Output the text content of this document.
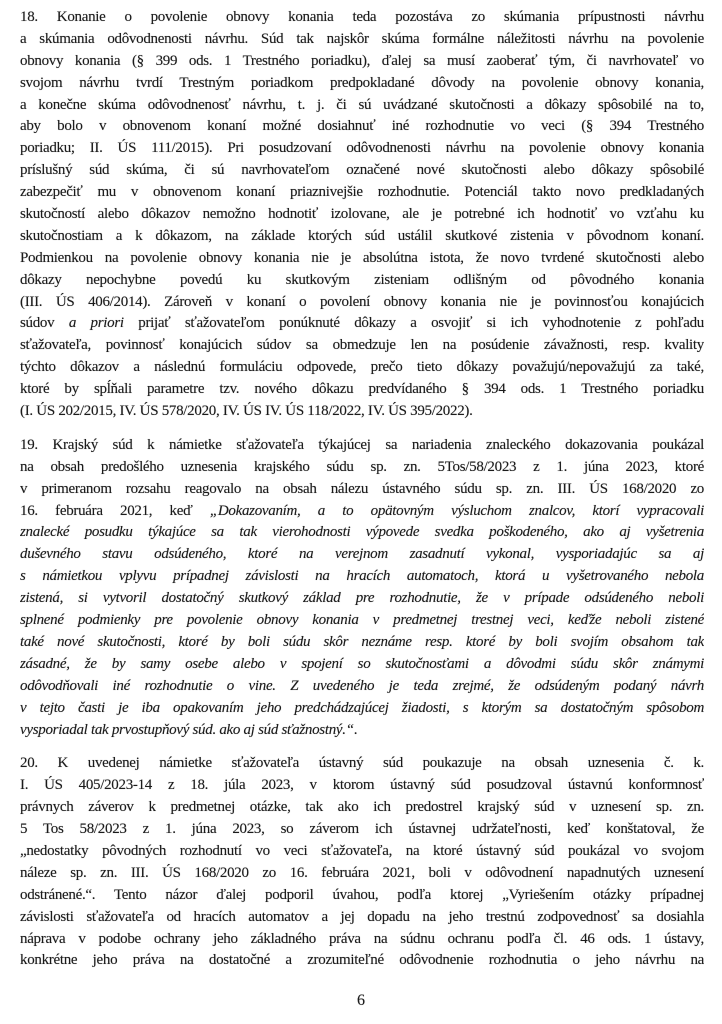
18. Konanie o povolenie obnovy konania teda pozostáva zo skúmania prípustnosti návrhu
a skúmania odôvodnenosti návrhu. Súd tak najskôr skúma formálne náležitosti návrhu na povolenie
obnovy konania (§ 399 ods. 1 Trestného poriadku), ďalej sa musí zaoberať tým, či navrhovateľ vo
svojom návrhu tvrdí Trestným poriadkom predpokladané dôvody na povolenie obnovy konania,
a konečne skúma odôvodnenosť návrhu, t. j. či sú uvádzané skutočnosti a dôkazy spôsobilé na to,
aby bolo v obnovenom konaní možné dosiahnuť iné rozhodnutie vo veci (§ 394 Trestného
poriadku; II. ÚS 111/2015). Pri posudzovaní odôvodnenosti návrhu na povolenie obnovy konania
príslušný súd skúma, či sú navrhovateľom označené nové skutočnosti alebo dôkazy spôsobilé
zabezpečiť mu v obnovenom konaní priaznivejšie rozhodnutie. Potenciál takto novo predkladaných
skutočností alebo dôkazov nemožno hodnotiť izolovane, ale je potrebné ich hodnotiť vo vzťahu ku
skutočnostiam a k dôkazom, na základe ktorých súd ustálil skutkové zistenia v pôvodnom konaní.
Podmienkou na povolenie obnovy konania nie je absolútna istota, že novo tvrdené skutočnosti alebo
dôkazy nepochybne povedú ku skutkovým zisteniam odlišným od pôvodného konania
(III. ÚS 406/2014). Zároveň v konaní o povolení obnovy konania nie je povinnosťou konajúcich
súdov a priori prijať sťažovateľom ponúknuté dôkazy a osvojiť si ich vyhodnotenie z pohľadu
sťažovateľa, povinnosť konajúcich súdov sa obmedzuje len na posúdenie závažnosti, resp. kvality
týchto dôkazov a následnú formuláciu odpovede, prečo tieto dôkazy považujú/nepovažujú za také,
ktoré by spĺňali parametre tzv. nového dôkazu predvídaného § 394 ods. 1 Trestného poriadku
(I. ÚS 202/2015, IV. ÚS 578/2020, IV. ÚS IV. ÚS 118/2022, IV. ÚS 395/2022).
19. Krajský súd k námietke sťažovateľa týkajúcej sa nariadenia znaleckého dokazovania poukázal
na obsah predošlého uznesenia krajského súdu sp. zn. 5Tos/58/2023 z 1. júna 2023, ktoré
v primeranom rozsahu reagovalo na obsah nálezu ústavného súdu sp. zn. III. ÚS 168/2020 zo
16. februára 2021, keď „Dokazovaním, a to opätovným výsluchom znalcov, ktorí vypracovali
znalecké posudku týkajúce sa tak vierohodnosti výpovede svedka poškodeného, ako aj vyšetrenia
duševného stavu odsúdeného, ktoré na verejnom zasadnutí vykonal, vysporiadajúc sa aj
s námietkou vplyvu prípadnej závislosti na hracích automatoch, ktorá u vyšetrovaného nebola
zistená, si vytvoril dostatočný skutkový základ pre rozhodnutie, že v prípade odsúdeného neboli
splnené podmienky pre povolenie obnovy konania v predmetnej trestnej veci, keďže neboli zistené
také nové skutočnosti, ktoré by boli súdu skôr neznáme resp. ktoré by boli svojím obsahom tak
zásadné, že by samy osebe alebo v spojení so skutočnosťami a dôvodmi súdu skôr známymi
odôvodňovali iné rozhodnutie o vine. Z uvedeného je teda zrejmé, že odsúdeným podaný návrh
v tejto časti je iba opakovaním jeho predchádzajúcej žiadosti, s ktorým sa dostatočným spôsobom
vysporiadal tak prvostupňový súd. ako aj súd sťažnostný.“.
20. K uvedenej námietke sťažovateľa ústavný súd poukazuje na obsah uznesenia č. k.
I. ÚS 405/2023-14 z 18. júla 2023, v ktorom ústavný súd posudzoval ústavnú konformnosť
právnych záverov k predmetnej otázke, tak ako ich predostrel krajský súd v uznesení sp. zn.
5 Tos 58/2023 z 1. júna 2023, so záverom ich ústavnej udržateľnosti, keď konštatoval, že
„nedostatky pôvodných rozhodnutí vo veci sťažovateľa, na ktoré ústavný súd poukázal vo svojom
náleze sp. zn. III. ÚS 168/2020 zo 16. februára 2021, boli v odôvodnení napadnutých uznesení
odstránené.“. Tento názor ďalej podporil úvahou, podľa ktorej „Vyriešením otázky prípadnej
závislosti sťažovateľa od hracích automatov a jej dopadu na jeho trestnú zodpovednosť sa dosiahla
náprava v podobe ochrany jeho základného práva na súdnu ochranu podľa čl. 46 ods. 1 ústavy,
konkrétne jeho práva na dostatočné a zrozumiteľné odôvodnenie rozhodnutia o jeho návrhu na
6
